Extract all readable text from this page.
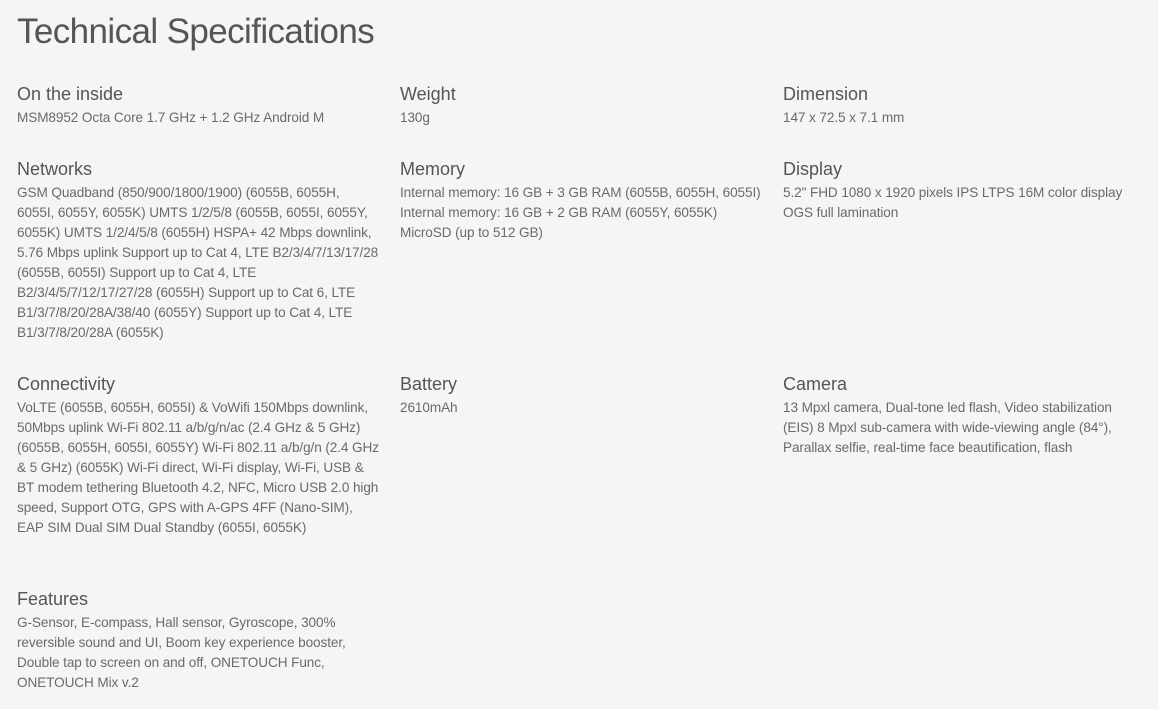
Technical Specifications
On the inside

MSM8952 Octa Core 1.7 GHz + 1.2 GHz Android M

Weight

130g

Dimension

147 x 72.5 x 7.1 mm

Networks

GSM Quadband (850/900/1800/1900) (6055B, 6055H, 6055I, 6055Y, 6055K) UMTS 1/2/5/8 (6055B, 6055I, 6055Y, 6055K) UMTS 1/2/4/5/8 (6055H) HSPA+ 42 Mbps downlink, 5.76 Mbps uplink Support up to Cat 4, LTE B2/3/4/7/13/17/28 (6055B, 6055I) Support up to Cat 4, LTE B2/3/4/5/7/12/17/27/28 (6055H) Support up to Cat 6, LTE B1/3/7/8/20/28A/38/40 (6055Y) Support up to Cat 4, LTE B1/3/7/8/20/28A (6055K)

Memory

Internal memory: 16 GB + 3 GB RAM (6055B, 6055H, 6055I) Internal memory: 16 GB + 2 GB RAM (6055Y, 6055K) MicroSD (up to 512 GB)

Display

5.2" FHD 1080 x 1920 pixels IPS LTPS 16M color display OGS full lamination

Connectivity

VoLTE (6055B, 6055H, 6055I) & VoWifi 150Mbps downlink, 50Mbps uplink Wi-Fi 802.11 a/b/g/n/ac (2.4 GHz & 5 GHz) (6055B, 6055H, 6055I, 6055Y) Wi-Fi 802.11 a/b/g/n (2.4 GHz & 5 GHz) (6055K) Wi-Fi direct, Wi-Fi display, Wi-Fi, USB & BT modem tethering Bluetooth 4.2, NFC, Micro USB 2.0 high speed, Support OTG, GPS with A-GPS 4FF (Nano-SIM), EAP SIM Dual SIM Dual Standby (6055I, 6055K)

Battery

2610mAh

Camera

13 Mpxl camera, Dual-tone led flash, Video stabilization (EIS) 8 Mpxl sub-camera with wide-viewing angle (84°), Parallax selfie, real-time face beautification, flash

Features

G-Sensor, E-compass, Hall sensor, Gyroscope, 300% reversible sound and UI, Boom key experience booster, Double tap to screen on and off, ONETOUCH Func, ONETOUCH Mix v.2
